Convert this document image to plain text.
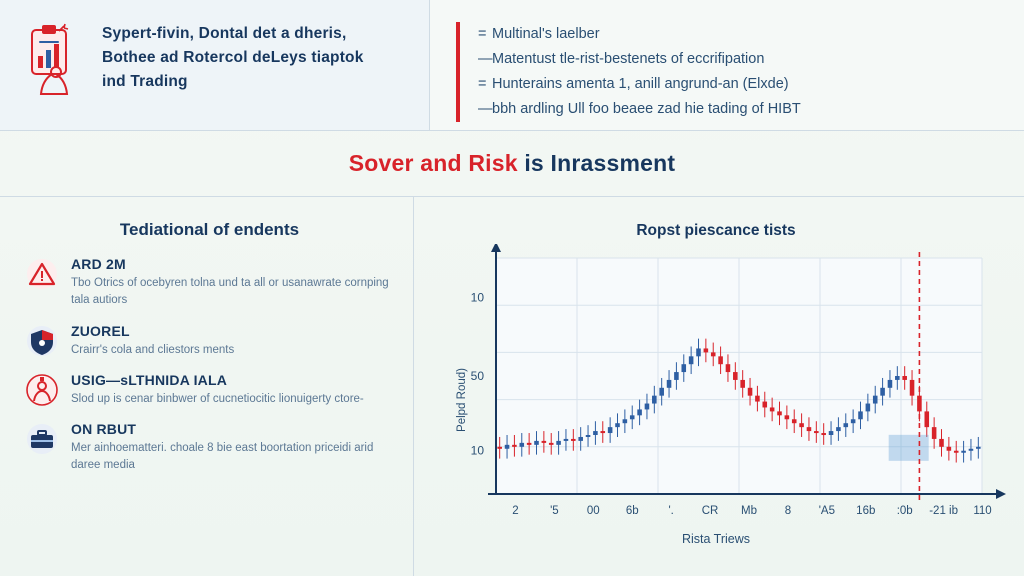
Sypert-fivin, Dontal det a dheris,
Bothee ad Rotercol deLeys tiaptok
ind Trading
= Multinal's laelber
—Matentust tle-rist-bestenets of eccrifipation
= Hunterains amenta 1, anill angrund-an (Elxde)
—bbh ardling Ull foo beaee zad hie tading of HIBT
Sover and Risk is Inrassment
Tediational of endents
ARD 2M
Tbo Otrics of ocebyren tolna und ta all or usanawrate cornping tala autiors
ZUOREL
Crairr's cola and cliestors ments
USIG—sLTHNIDA IALA
Slod up is cenar binbwer of cucnetiocitic lionuigerty ctore-
ON RBUT
Mer ainhoematteri. choale 8 bie east boortation priceidi arid daree media
Ropst piescance tists
10
50
10
2	'5 00 6b	'. CR Mb 8 'A5 16b :0b -21 ib 110
Pelpd Roud)
Rista Triews
